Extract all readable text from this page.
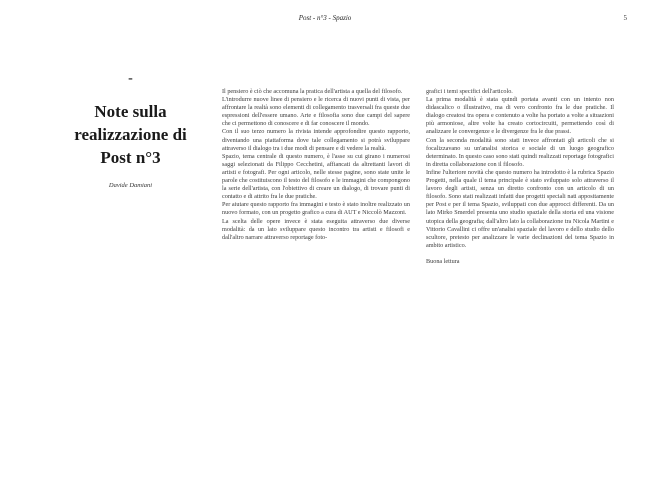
Post - n°3 - Spazio	5
-
Note sulla realizzazione di Post n°3
Davide Damiani

Il pensiero è ciò che accomuna la pratica dell'artista a quella del filosofo.

L'introdurre nuove linee di pensiero e le ricerca di nuovi punti di vista, per affrontare la realtà sono elementi di collegamento trasversali fra queste due espressioni dell'essere umano. Arte e filosofia sono due campi del sapere che ci permettono di conoscere e di far conoscere il mondo.

Con il suo terzo numero la rivista intende approfondire questo rapporto, diventando una piattaforma dove tale collegamento si potrà sviluppare attraverso il dialogo tra i due modi di pensare e di vedere la realtà.

Spazio, tema centrale di questo numero, è l'asse su cui girano i numerosi saggi selezionati da Filippo Cecchetini, affiancati da altrettanti lavori di artisti e fotografi. Per ogni articolo, nelle stesse pagine, sono state unite le parole che costituiscono il testo del filosofo e le immagini che compongono la serie dell'artista, con l'obiettivo di creare un dialogo, di trovare punti di contatto e di attrito fra le due pratiche.

Per aiutare questo rapporto fra immagini e testo è stato inoltre realizzato un nuovo formato, con un progetto grafico a cura di AUT e Niccolò Mazzoni.

La scelta delle opere invece è stata eseguita attraverso due diverse modalità: da un lato sviluppare questo incontro tra artisti e filosofi e dall'altro narrare attraverso reportage foto-

grafici i temi specifici dell'articolo.

La prima modalità è stata quindi portata avanti con un intento non didascalico o illustrativo, ma di vero confronto fra le due pratiche. Il dialogo creatosi tra opera e contenuto a volte ha portato a volte a situazioni più armoniose, altre volte ha creato cortocircuiti, permettendo così di analizzare le convergenze e le divergenze fra le due prassi.

Con la seconda modalità sono stati invece affrontati gli articoli che si focalizzavano su un'analisi storica e sociale di un luogo geografico determinato. In questo caso sono stati quindi realizzati reportage fotografici in diretta collaborazione con il filosofo.

Infine l'ulteriore novità che questo numero ha introdotto è la rubrica Spazio Progetti, nella quale il tema principale è stato sviluppato solo attraverso il lavoro degli artisti, senza un diretto confronto con un articolo di un filosofo. Sono stati realizzati infatti due progetti speciali nati appositamente per Post e per il tema Spazio, sviluppati con due approcci differenti. Da un lato Mirko Smerdel presenta uno studio spaziale della storia ed una visione utopica della geografia; dall'altro lato la collaborazione tra Nicola Martini e Vittorio Cavallini ci offre un'analisi spaziale del lavoro e dello studio dello scultore, pretesto per analizzare le varie declinazioni del tema Spazio in ambito artistico.

Buona lettura
